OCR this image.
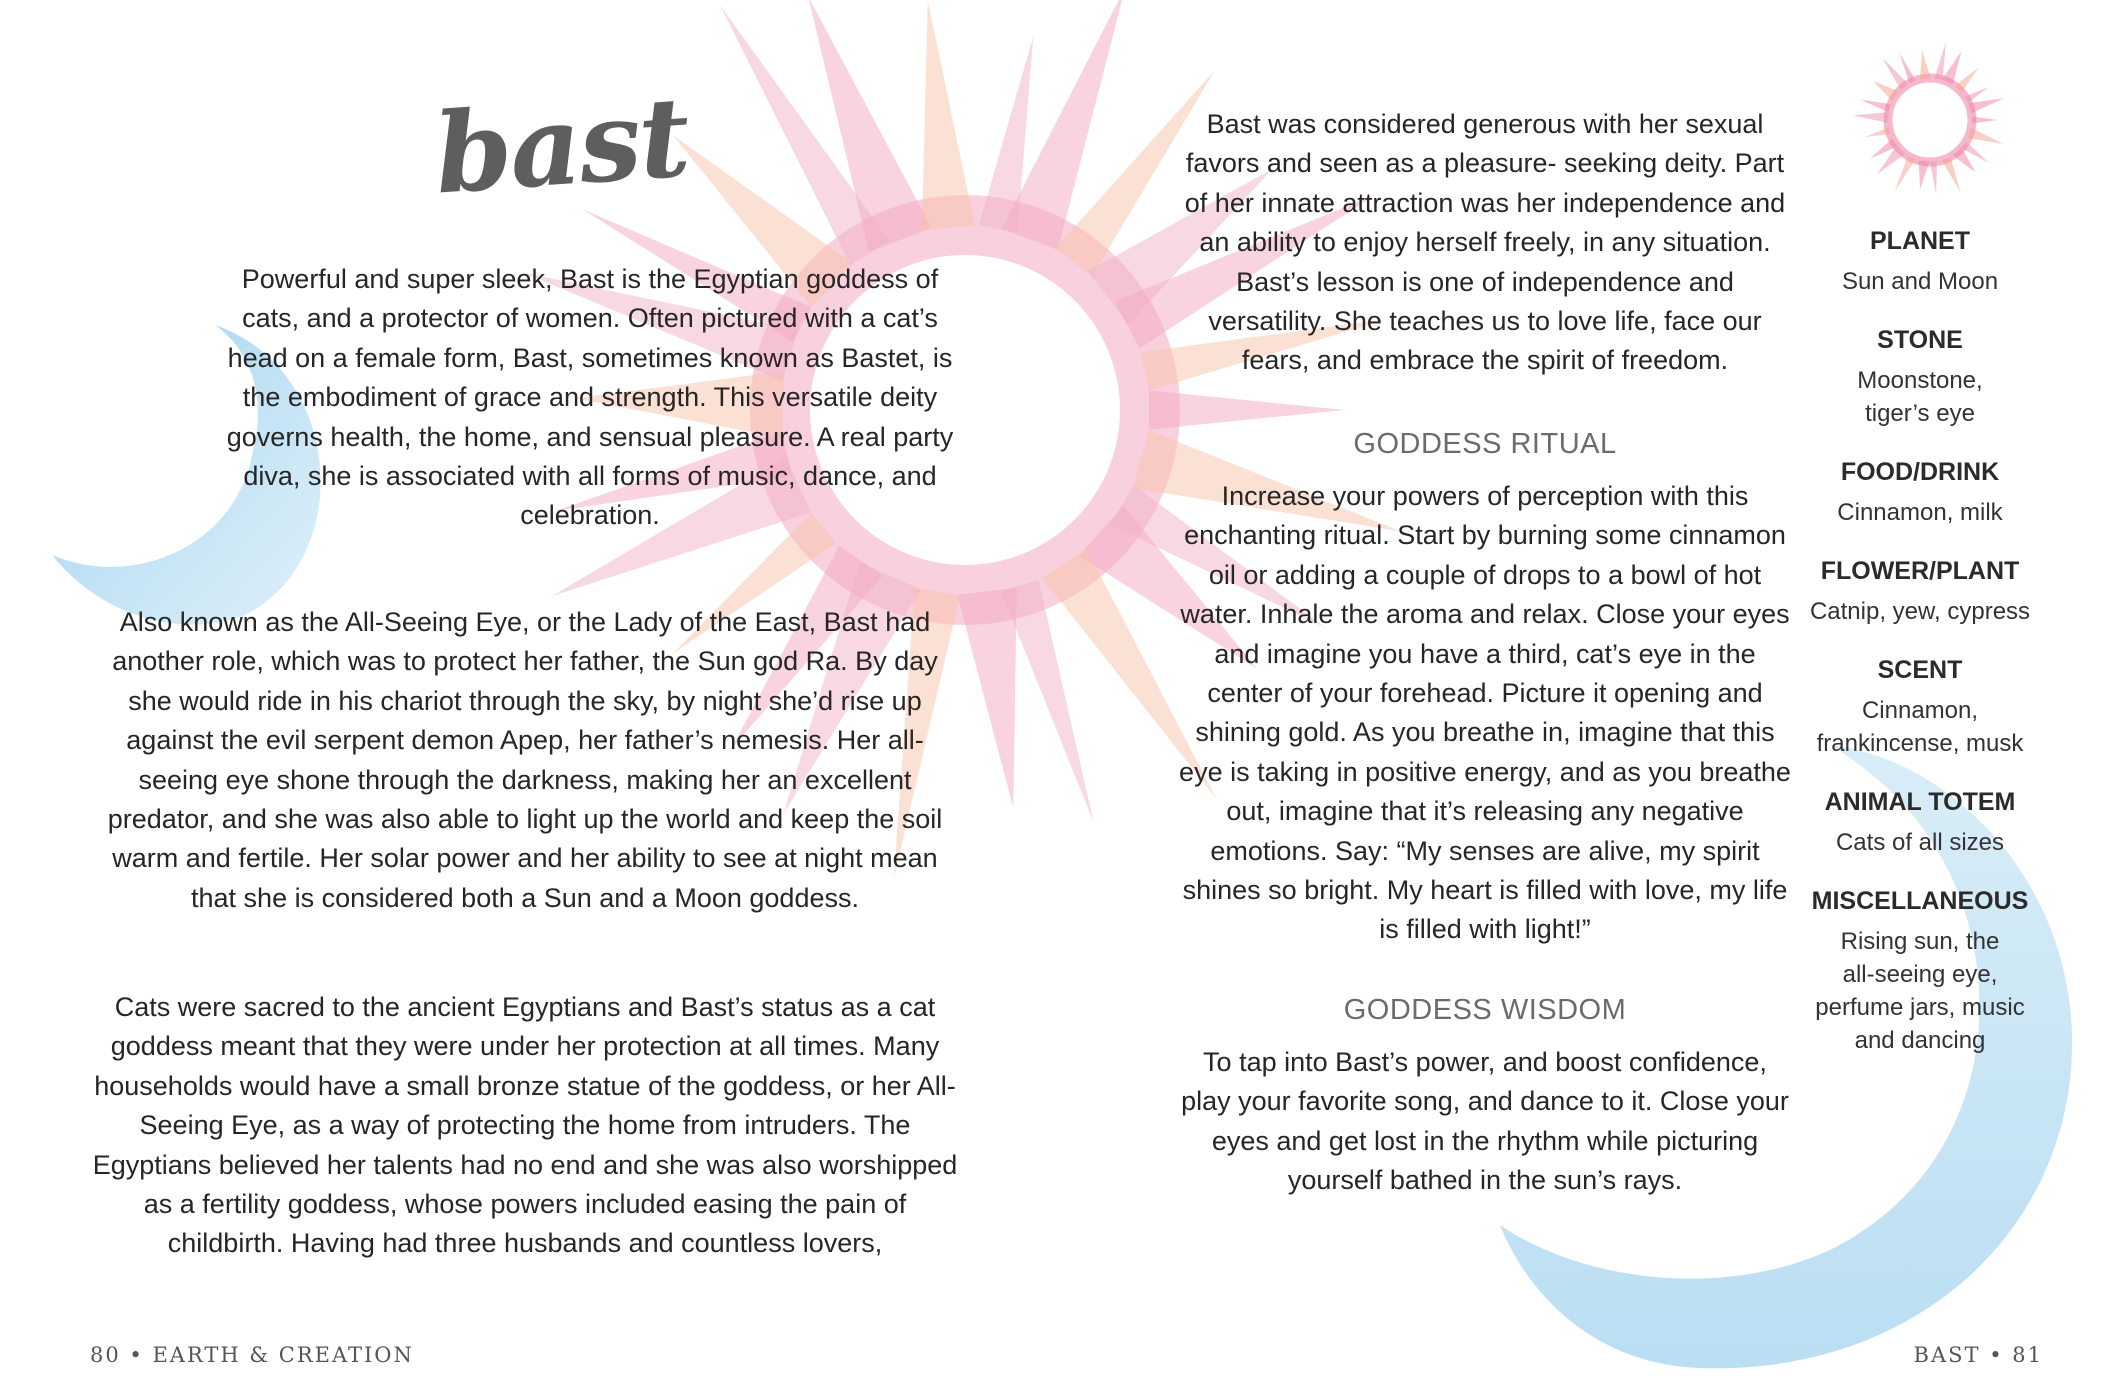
bast

Powerful and super sleek, Bast is the Egyptian goddess of cats, and a protector of women. Often pictured with a cat’s head on a female form, Bast, sometimes known as Bastet, is the embodiment of grace and strength. This versatile deity governs health, the home, and sensual pleasure. A real party diva, she is associated with all forms of music, dance, and celebration.

Also known as the All-Seeing Eye, or the Lady of the East, Bast had another role, which was to protect her father, the Sun god Ra. By day she would ride in his chariot through the sky, by night she’d rise up against the evil serpent demon Apep, her father’s nemesis. Her all-seeing eye shone through the darkness, making her an excellent predator, and she was also able to light up the world and keep the soil warm and fertile. Her solar power and her ability to see at night mean that she is considered both a Sun and a Moon goddess.

Cats were sacred to the ancient Egyptians and Bast’s status as a cat goddess meant that they were under her protection at all times. Many households would have a small bronze statue of the goddess, or her All-Seeing Eye, as a way of protecting the home from intruders. The Egyptians believed her talents had no end and she was also worshipped as a fertility goddess, whose powers included easing the pain of childbirth. Having had three husbands and countless lovers,

Bast was considered generous with her sexual favors and seen as a pleasure- seeking deity. Part of her innate attraction was her independence and an ability to enjoy herself freely, in any situation. Bast’s lesson is one of independence and versatility. She teaches us to love life, face our fears, and embrace the spirit of freedom.

GODDESS RITUAL

Increase your powers of perception with this enchanting ritual. Start by burning some cinnamon oil or adding a couple of drops to a bowl of hot water. Inhale the aroma and relax. Close your eyes and imagine you have a third, cat’s eye in the center of your forehead. Picture it opening and shining gold. As you breathe in, imagine that this eye is taking in positive energy, and as you breathe out, imagine that it’s releasing any negative emotions. Say: “My senses are alive, my spirit shines so bright. My heart is filled with love, my life is filled with light!”

GODDESS WISDOM

To tap into Bast’s power, and boost confidence, play your favorite song, and dance to it. Close your eyes and get lost in the rhythm while picturing yourself bathed in the sun’s rays.

PLANET
Sun and Moon
STONE
Moonstone,
tiger’s eye
FOOD/DRINK
Cinnamon, milk
FLOWER/PLANT
Catnip, yew, cypress
SCENT
Cinnamon,
frankincense, musk
ANIMAL TOTEM
Cats of all sizes
MISCELLANEOUS
Rising sun, the
all-seeing eye,
perfume jars, music
and dancing
80 • EARTH & CREATION	BAST • 81
